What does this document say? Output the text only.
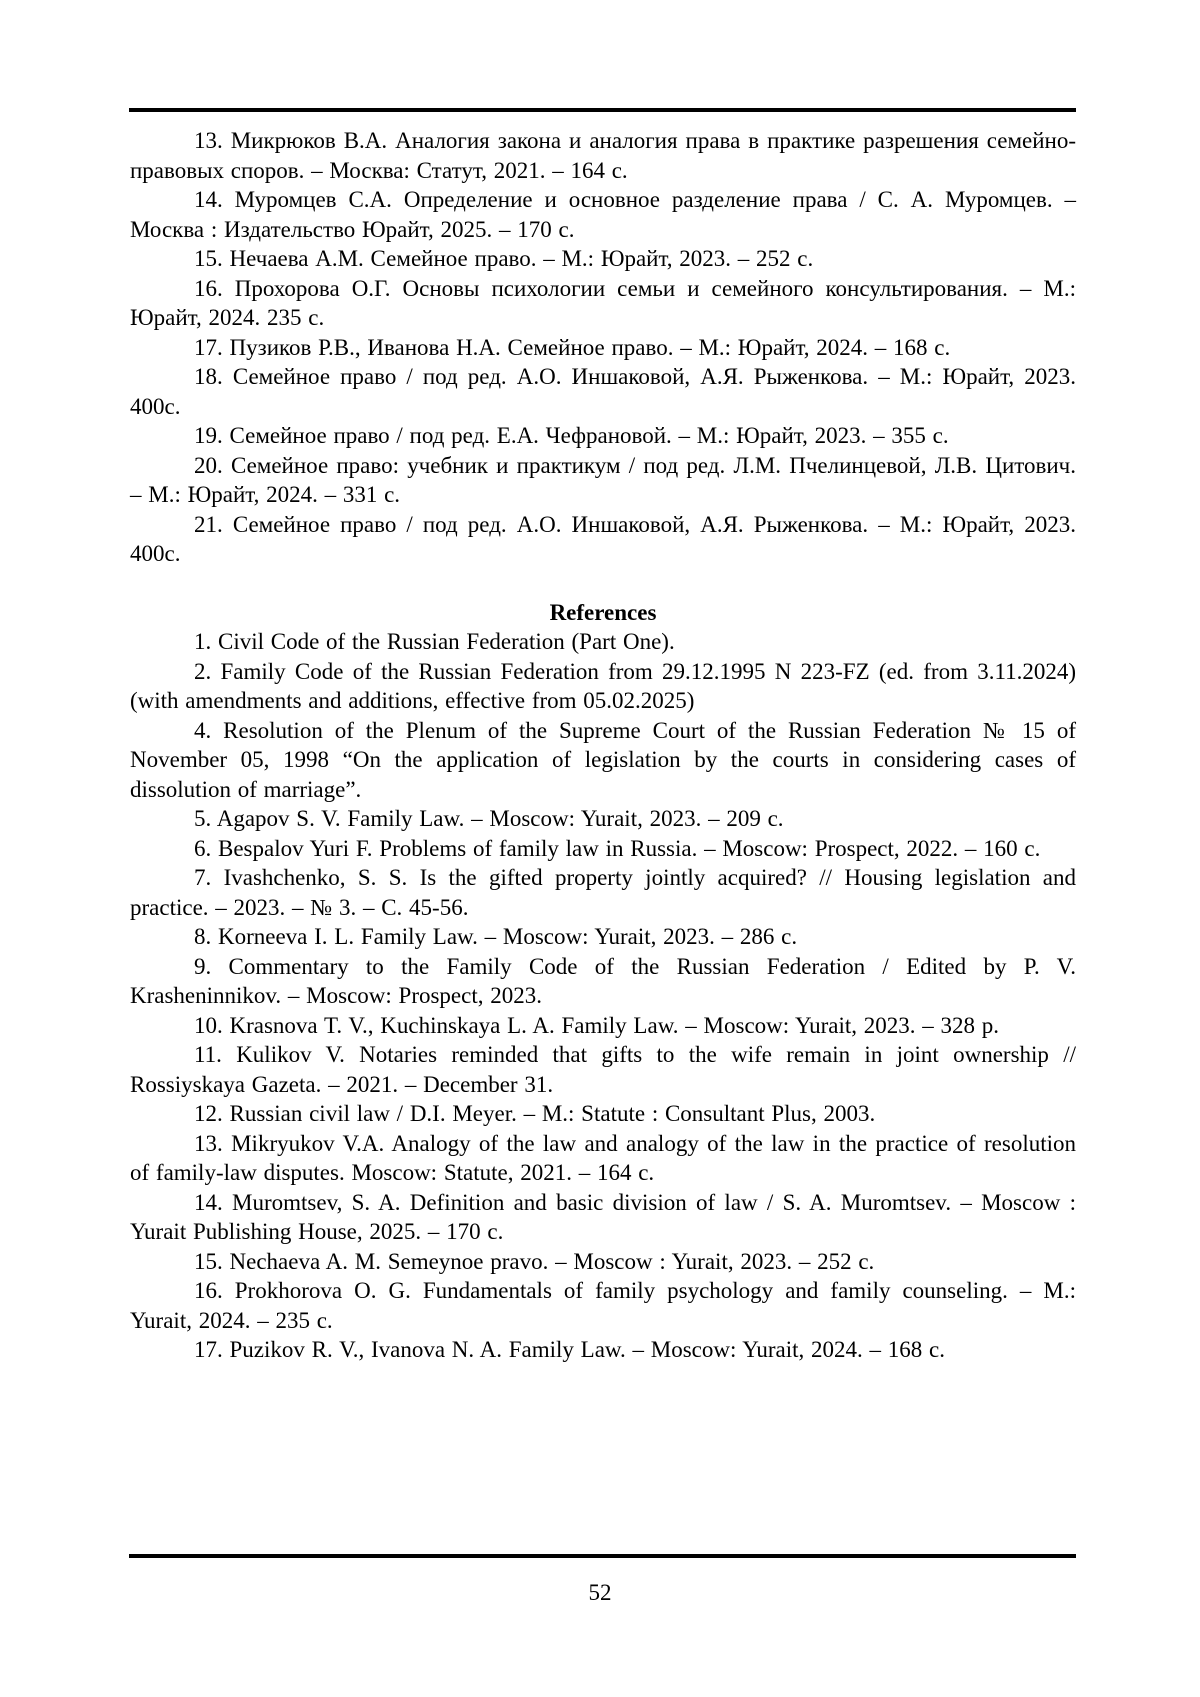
13. Микрюков В.А. Аналогия закона и аналогия права в практике разрешения семейно-правовых споров. – Москва: Статут, 2021. – 164 с.

14. Муромцев С.А. Определение и основное разделение права / С. А. Муромцев. – Москва : Издательство Юрайт, 2025. – 170 с.

15. Нечаева А.М. Семейное право. – М.: Юрайт, 2023. – 252 с.

16. Прохорова О.Г. Основы психологии семьи и семейного консультирования. – М.: Юрайт, 2024. 235 с.

17. Пузиков Р.В., Иванова Н.А. Семейное право. – М.: Юрайт, 2024. – 168 с.

18. Семейное право / под ред. А.О. Иншаковой, А.Я. Рыженкова. – М.: Юрайт, 2023. 400с.

19. Семейное право / под ред. Е.А. Чефрановой. – М.: Юрайт, 2023. – 355 с.

20. Семейное право: учебник и практикум / под ред. Л.М. Пчелинцевой, Л.В. Цитович. – М.: Юрайт, 2024. – 331 с.

21. Семейное право / под ред. А.О. Иншаковой, А.Я. Рыженкова. – М.: Юрайт, 2023. 400с.

References

1. Civil Code of the Russian Federation (Part One).

2. Family Code of the Russian Federation from 29.12.1995 N 223-FZ (ed. from 3.11.2024) (with amendments and additions, effective from 05.02.2025)

4. Resolution of the Plenum of the Supreme Court of the Russian Federation № 15 of November 05, 1998 “On the application of legislation by the courts in considering cases of dissolution of marriage”.

5. Agapov S. V. Family Law. – Moscow: Yurait, 2023. – 209 с.

6. Bespalov Yuri F. Problems of family law in Russia. – Moscow: Prospect, 2022. – 160 с.

7. Ivashchenko, S. S. Is the gifted property jointly acquired? // Housing legislation and practice. – 2023. – № 3. – С. 45-56.

8. Korneeva I. L. Family Law. – Moscow: Yurait, 2023. – 286 с.

9. Commentary to the Family Code of the Russian Federation / Edited by P. V. Krasheninnikov. – Moscow: Prospect, 2023.

10. Krasnova T. V., Kuchinskaya L. A. Family Law. – Moscow: Yurait, 2023. – 328 p.

11. Kulikov V. Notaries reminded that gifts to the wife remain in joint ownership // Rossiyskaya Gazeta. – 2021. – December 31.

12. Russian civil law / D.I. Meyer. – M.: Statute : Consultant Plus, 2003.

13. Mikryukov V.A. Analogy of the law and analogy of the law in the practice of resolution of family-law disputes. Moscow: Statute, 2021. – 164 с.

14. Muromtsev, S. A. Definition and basic division of law / S. A. Muromtsev. – Moscow : Yurait Publishing House, 2025. – 170 с.

15. Nechaeva A. M. Semeynoe pravo. – Moscow : Yurait, 2023. – 252 с.

16. Prokhorova O. G. Fundamentals of family psychology and family counseling. – M.: Yurait, 2024. – 235 с.

17. Puzikov R. V., Ivanova N. A. Family Law. – Moscow: Yurait, 2024. – 168 с.

52
